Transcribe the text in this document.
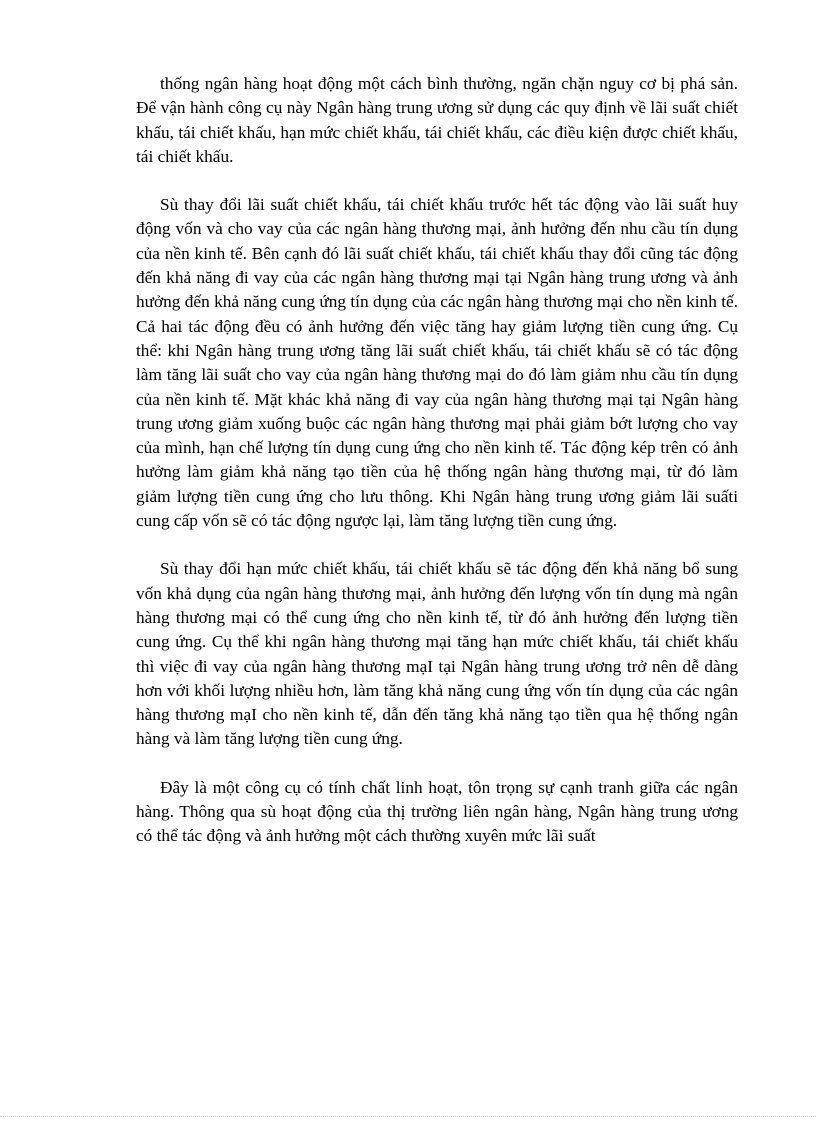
thống ngân hàng hoạt động một cách bình thường, ngăn chặn nguy cơ bị phá sản. Để vận hành công cụ này Ngân hàng trung ương sử dụng các quy định về lãi suất chiết khấu, tái chiết khấu, hạn mức chiết khấu, tái chiết khấu, các điều kiện được chiết khấu, tái chiết khấu.

Sù thay đổi lãi suất chiết khấu, tái chiết khấu trước hết tác động vào lãi suất huy động vốn và cho vay của các ngân hàng thương mại, ảnh hưởng đến nhu cầu tín dụng của nền kinh tế. Bên cạnh đó lãi suất chiết khấu, tái chiết khấu thay đổi cũng tác động đến khả năng đi vay của các ngân hàng thương mại tại Ngân hàng trung ương và ảnh hưởng đến khả năng cung ứng tín dụng của các ngân hàng thương mại cho nền kinh tế. Cả hai tác động đều có ảnh hưởng đến việc tăng hay giảm lượng tiền cung ứng. Cụ thể: khi Ngân hàng trung ương tăng lãi suất chiết khấu, tái chiết khấu sẽ có tác động làm tăng lãi suất cho vay của ngân hàng thương mại do đó làm giảm nhu cầu tín dụng của nền kinh tế. Mặt khác khả năng đi vay của ngân hàng thương mại tại Ngân hàng trung ương giảm xuống buộc các ngân hàng thương mại phải giảm bớt lượng cho vay của mình, hạn chế lượng tín dụng cung ứng cho nền kinh tế. Tác động kép trên có ảnh hưởng làm giảm khả năng tạo tiền của hệ thống ngân hàng thương mại, từ đó làm giảm lượng tiền cung ứng cho lưu thông. Khi Ngân hàng trung ương giảm lãi suấti cung cấp vốn sẽ có tác động ngược lại, làm tăng lượng tiền cung ứng.

Sù thay đổi hạn mức chiết khấu, tái chiết khấu sẽ tác động đến khả năng bổ sung vốn khả dụng của ngân hàng thương mại, ảnh hưởng đến lượng vốn tín dụng mà ngân hàng thương mại có thể cung ứng cho nền kinh tế, từ đó ảnh hưởng đến lượng tiền cung ứng. Cụ thể khi ngân hàng thương mại tăng hạn mức chiết khấu, tái chiết khấu thì việc đi vay của ngân hàng thương mạI tại Ngân hàng trung ương trở nên dễ dàng hơn với khối lượng nhiều hơn, làm tăng khả năng cung ứng vốn tín dụng của các ngân hàng thương mạI cho nền kinh tế, dẫn đến tăng khả năng tạo tiền qua hệ thống ngân hàng và làm tăng lượng tiền cung ứng.

Đây là một công cụ có tính chất linh hoạt, tôn trọng sự cạnh tranh giữa các ngân hàng. Thông qua sù hoạt động của thị trường liên ngân hàng, Ngân hàng trung ương có thể tác động và ảnh hưởng một cách thường xuyên mức lãi suất
